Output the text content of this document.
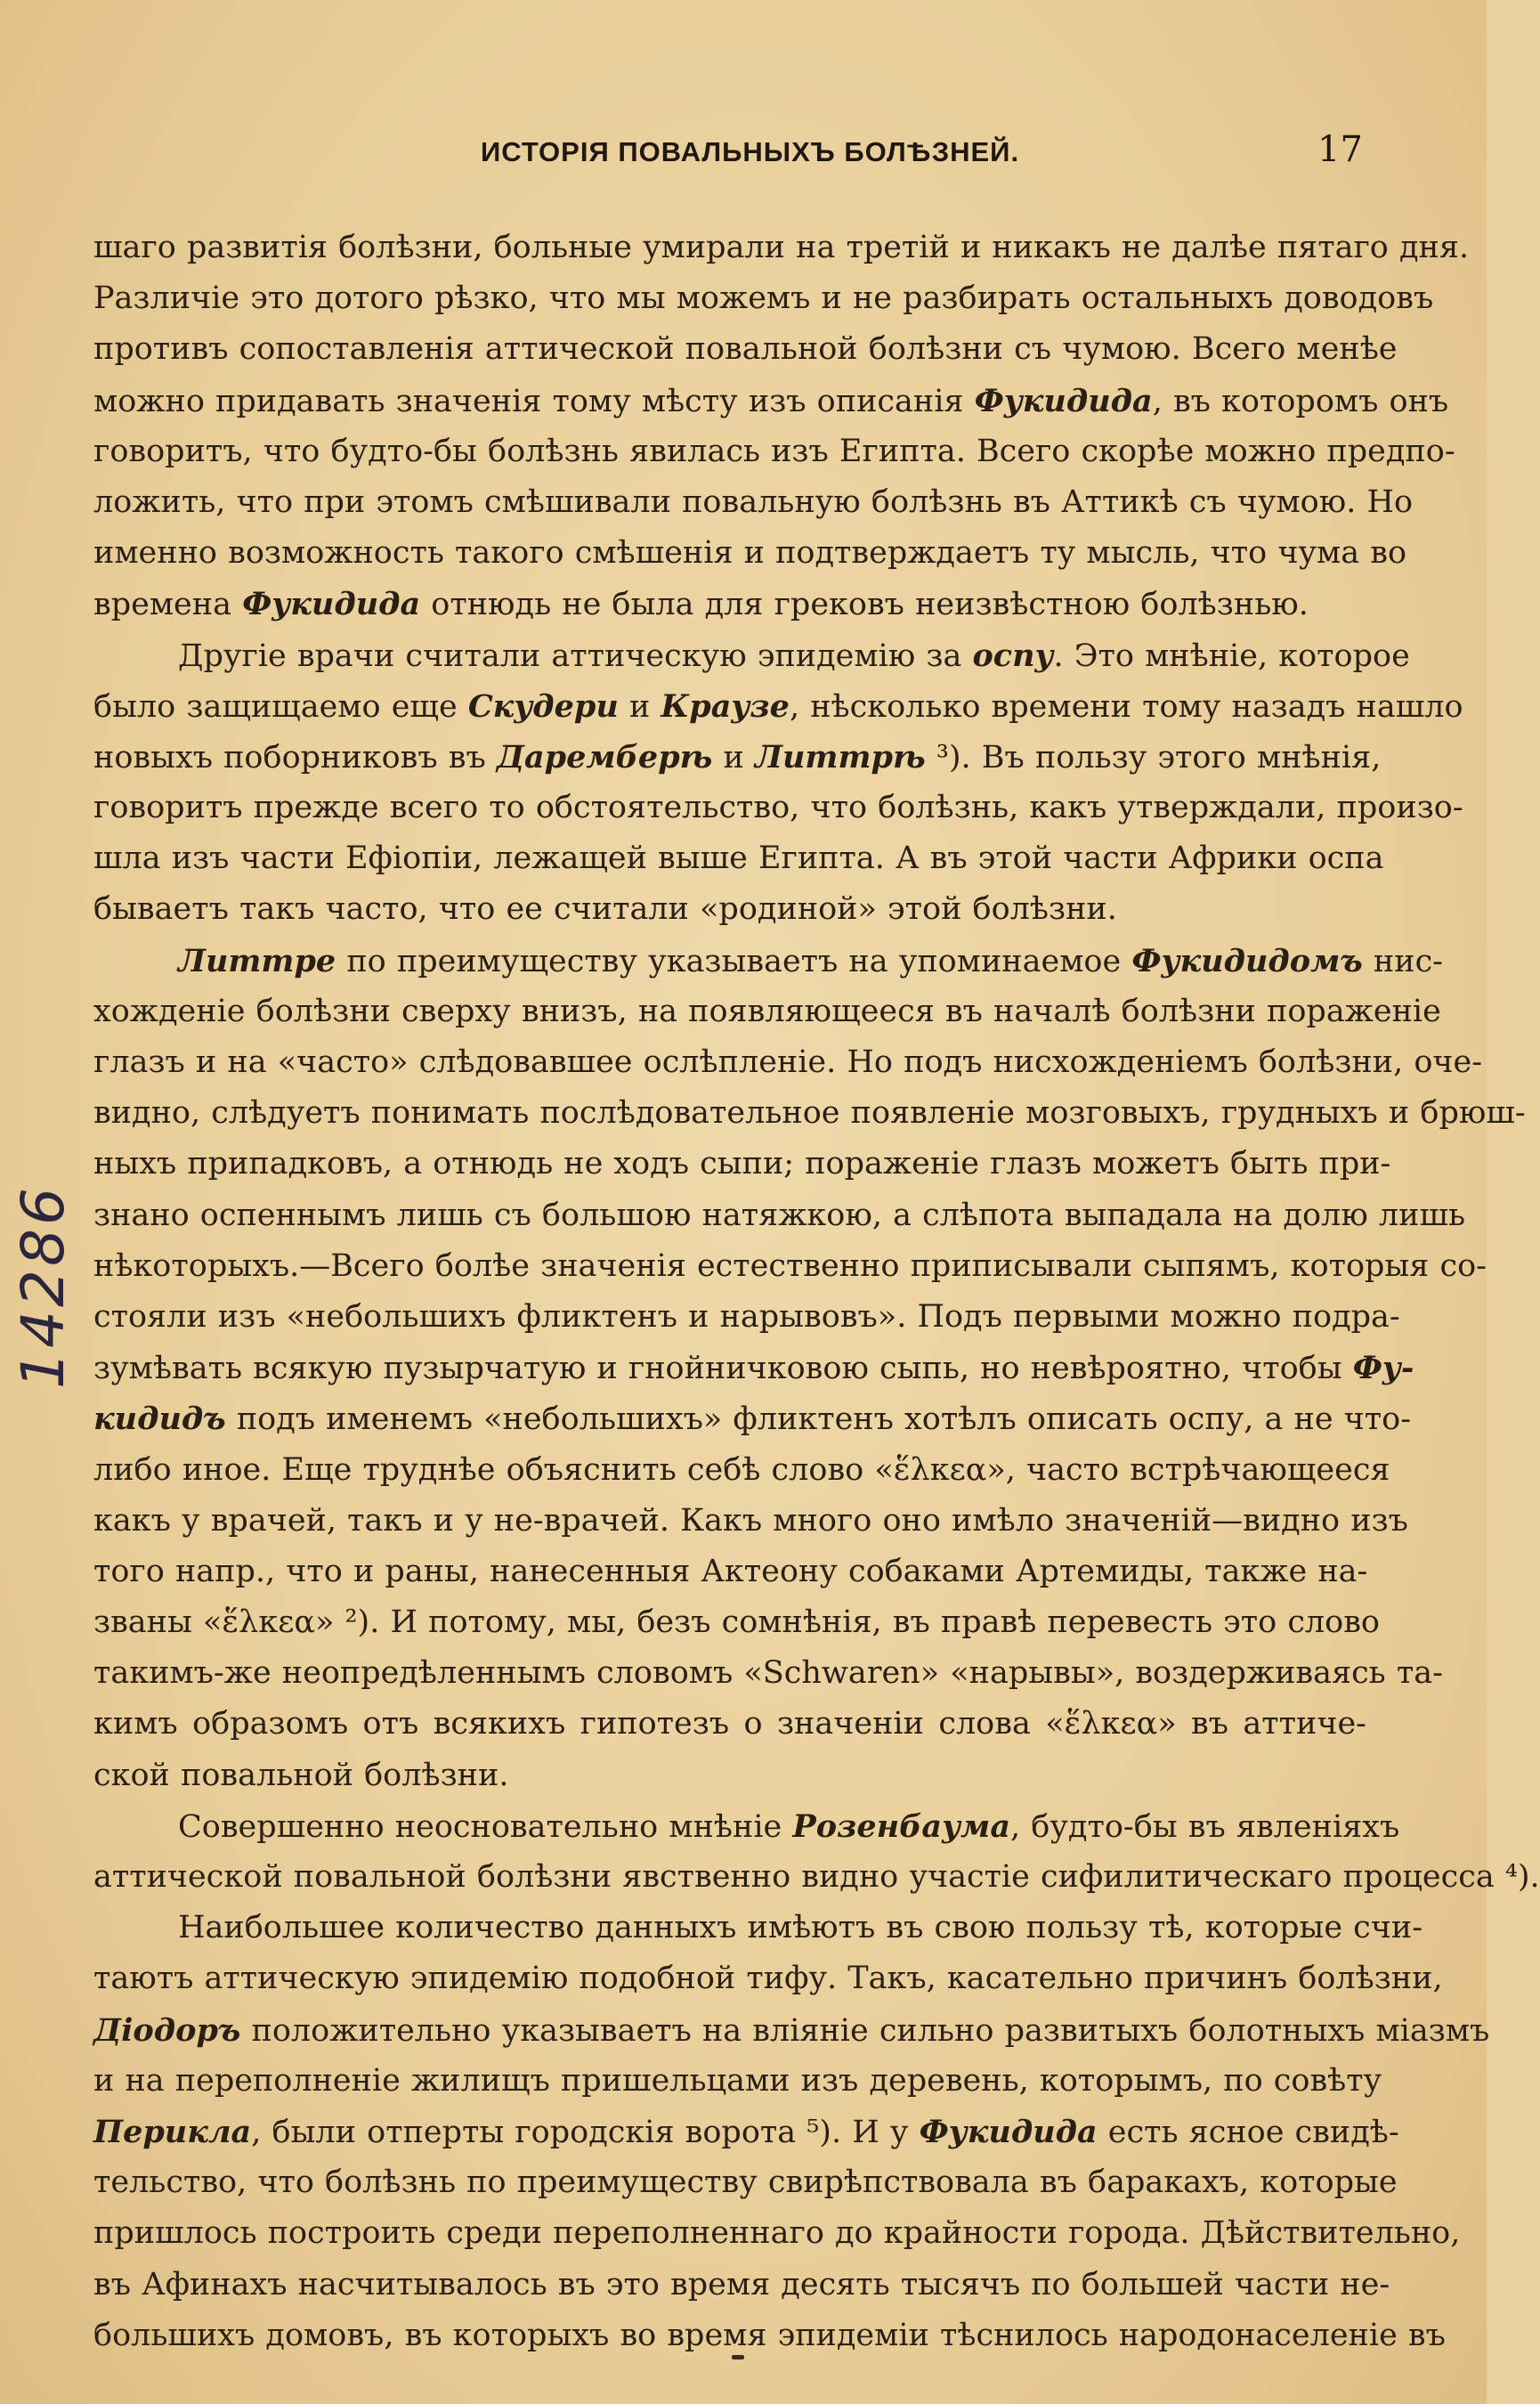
ИСТОРІЯ ПОВАЛЬНЫХЪ БОЛѢЗНЕЙ.	17
шаго развитія болѣзни, больные умирали на третій и никакъ не далѣе пятаго дня.
Различіе это дотого рѣзко, что мы можемъ и не разбирать остальныхъ доводовъ
противъ сопоставленія аттической повальной болѣзни съ чумою. Всего менѣе
можно придавать значенія тому мѣсту изъ описанія Фукидида, въ которомъ онъ
говоритъ, что будто-бы болѣзнь явилась изъ Египта. Всего скорѣе можно предпо-
ложить, что при этомъ смѣшивали повальную болѣзнь въ Аттикѣ съ чумою. Но
именно возможность такого смѣшенія и подтверждаетъ ту мысль, что чума во
времена Фукидида отнюдь не была для грековъ неизвѣстною болѣзнью.
Другіе врачи считали аттическую эпидемію за оспу. Это мнѣніе, которое
было защищаемо еще Скудери и Краузе, нѣсколько времени тому назадъ нашло
новыхъ поборниковъ въ Даремберѣ и Литтрѣ ³). Въ пользу этого мнѣнія,
говоритъ прежде всего то обстоятельство, что болѣзнь, какъ утверждали, произо-
шла изъ части Ефіопіи, лежащей выше Египта. А въ этой части Африки оспа
бываетъ такъ часто, что ее считали «родиной» этой болѣзни.
Литтре по преимуществу указываетъ на упоминаемое Фукидидомъ нис-
хожденіе болѣзни сверху внизъ, на появляющееся въ началѣ болѣзни пораженіе
глазъ и на «часто» слѣдовавшее ослѣпленіе. Но подъ нисхожденіемъ болѣзни, оче-
видно, слѣдуетъ понимать послѣдовательное появленіе мозговыхъ, грудныхъ и брюш-
ныхъ припадковъ, а отнюдь не ходъ сыпи; пораженіе глазъ можетъ быть при-
знано оспеннымъ лишь съ большою натяжкою, а слѣпота выпадала на долю лишь
нѣкоторыхъ.—Всего болѣе значенія естественно приписывали сыпямъ, которыя со-
стояли изъ «небольшихъ фликтенъ и нарывовъ». Подъ первыми можно подра-
зумѣвать всякую пузырчатую и гнойничковою сыпь, но невѣроятно, чтобы Фу-
кидидъ подъ именемъ «небольшихъ» фликтенъ хотѣлъ описать оспу, а не что-
либо иное. Еще труднѣе объяснить себѣ слово «ἕλκεα», часто встрѣчающееся
какъ у врачей, такъ и у не-врачей. Какъ много оно имѣло значеній—видно изъ
того напр., что и раны, нанесенныя Актеону собаками Артемиды, также на-
званы «ἕλκεα» ²). И потому, мы, безъ сомнѣнія, въ правѣ перевесть это слово
такимъ-же неопредѣленнымъ словомъ «Schwaren» «нарывы», воздерживаясь та-
кимъ образомъ отъ всякихъ гипотезъ о значеніи слова «ἕλκεα» въ аттиче-
ской повальной болѣзни.
Совершенно неосновательно мнѣніе Розенбаума, будто-бы въ явленіяхъ
аттической повальной болѣзни явственно видно участіе сифилитическаго процесса ⁴).
Наибольшее количество данныхъ имѣютъ въ свою пользу тѣ, которые счи-
таютъ аттическую эпидемію подобной тифу. Такъ, касательно причинъ болѣзни,
Діодоръ положительно указываетъ на вліяніе сильно развитыхъ болотныхъ міазмъ
и на переполненіе жилищъ пришельцами изъ деревень, которымъ, по совѣту
Перикла, были отперты городскія ворота ⁵). И у Фукидида есть ясное свидѣ-
тельство, что болѣзнь по преимуществу свирѣпствовала въ баракахъ, которые
пришлось построить среди переполненнаго до крайности города. Дѣйствительно,
въ Афинахъ насчитывалось въ это время десять тысячъ по большей части не-
большихъ домовъ, въ которыхъ во время эпидеміи тѣснилось народонаселеніе въ
14286
